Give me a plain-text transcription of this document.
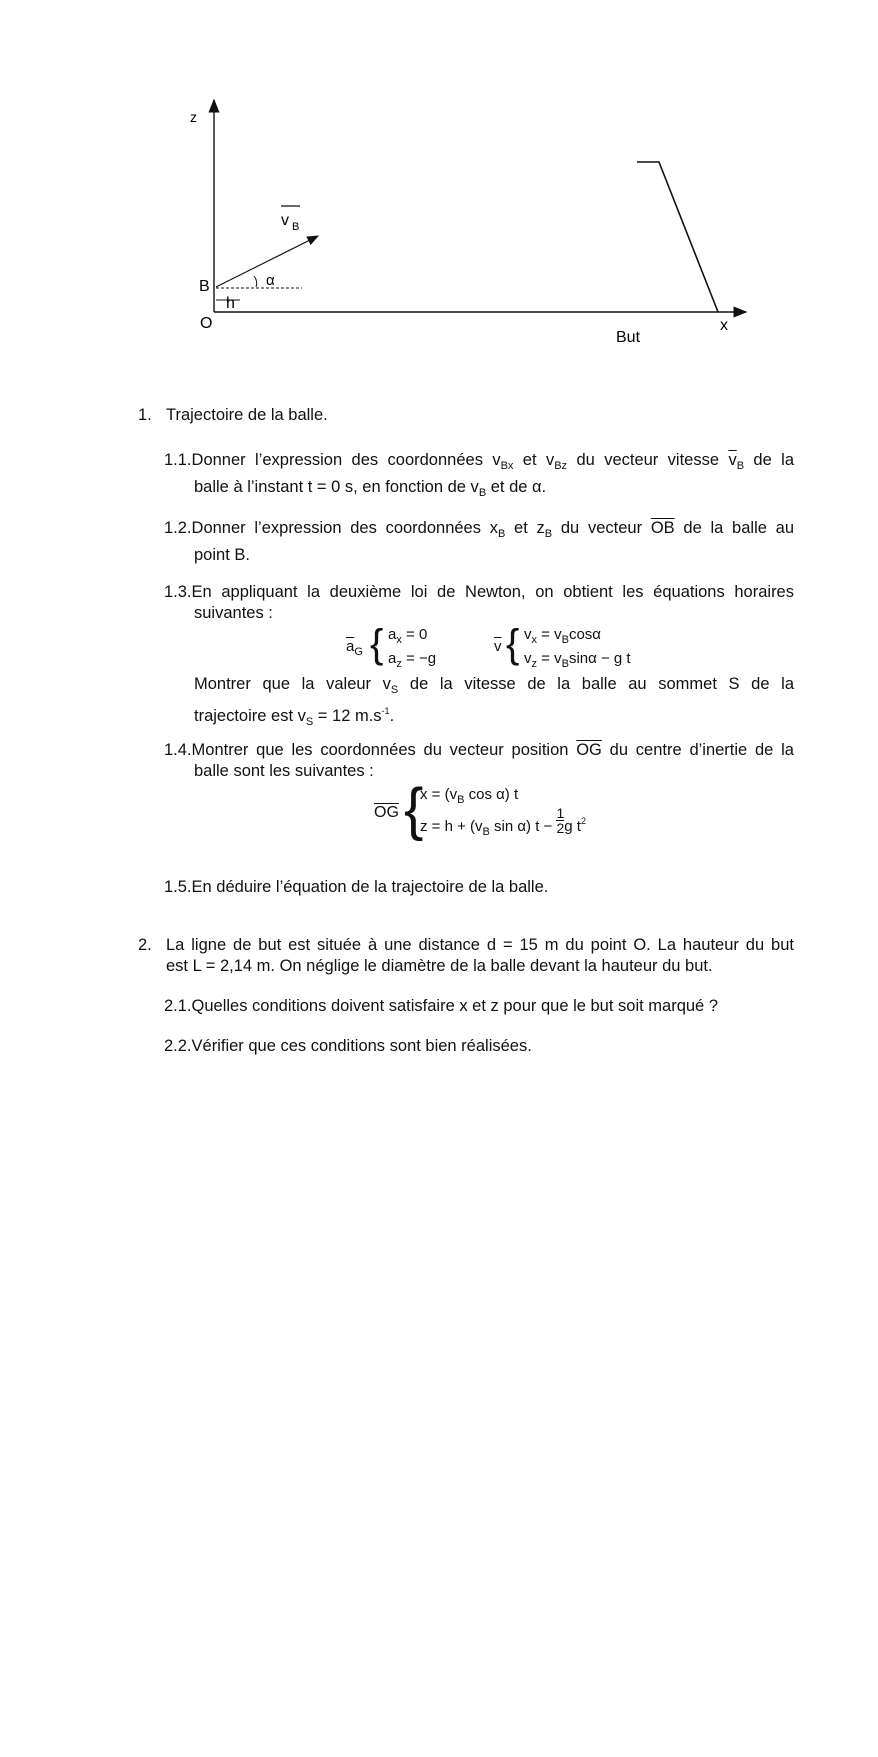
z
x
O
B
v B
α
h
But
1. Trajectoire de la balle.
1.1.Donner l’expression des coordonnées $v_{Bx}$ et $v_{Bz}$ du vecteur vitesse $\overline{v}_B$ de la
balle à l’instant t = 0 s, en fonction de $v_B$ et de α.
1.2.Donner l’expression des coordonnées $x_B$ et $z_B$ du vecteur $\overline{OB}$ de la balle au
point B.
1.3.En appliquant la deuxième loi de Newton, on obtient les équations horaires
suivantes :
$\overline{a}_G$ { $a_x = 0$
$a_z = -g$
$\overline{v}$ { $v_x = v_B\cos\alpha$
$v_z = v_B\sin\alpha - g$ t
Montrer que la valeur $v_S$ de la vitesse de la balle au sommet S de la
trajectoire est $v_S = 12$ $m.s^{-1}$.
1.4.Montrer que les coordonnées du vecteur position $\overline{OG}$ du centre d’inertie de la
balle sont les suivantes :
$\overline{OG}$ {
$x = (v_B$ cos α) t
$z = h + (v_B$ sin α) $t - \frac{1}{2}$ g $t^2$
1.5.En déduire l’équation de la trajectoire de la balle.
2. La ligne de but est située à une distance d = 15 m du point O. La hauteur du but
est L = 2,14 m. On néglige le diamètre de la balle devant la hauteur du but.
2.1.Quelles conditions doivent satisfaire x et z pour que le but soit marqué ?
2.2.Vérifier que ces conditions sont bien réalisées.
